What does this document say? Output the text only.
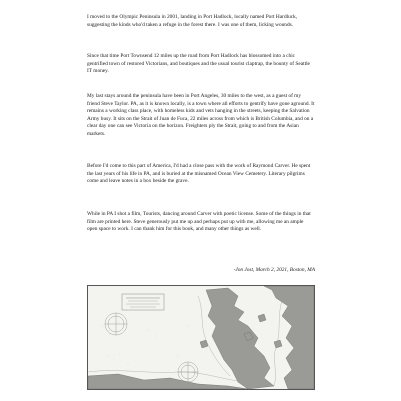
I moved to the Olympic Peninsula in 2001, landing in Port Hadlock, locally named Port Hardluck, suggesting the kinds who'd taken a refuge in the forest there. I was one of them, licking wounds.

Since that time Port Townsend 12 miles up the road from Port Hadlock has blossomed into a chic gentrified town of restored Victorians, and boutiques and the usual tourist claptrap, the bounty of Seattle IT money.

My last stays around the peninsula have been in Port Angeles, 30 miles to the west, as a guest of my friend Steve Taylor. PA, as it is known locally, is a town where all efforts to gentrify have gone aground. It remains a working class place, with homeless kids and vets hanging in the streets, keeping the Salvation Army busy. It sits on the Strait of Juan de Fuca, 22 miles across from which is British Columbia, and on a clear day one can see Victoria on the horizon. Freighters ply the Strait, going to and from the Asian markets.

Before I'd come to this part of America, I'd had a close pass with the work of Raymond Carver. He spent the last years of his life in PA, and is buried at the misnamed Ocean View Cemetery. Literary pilgrims come and leave notes in a box beside the grave.

While in PA I shot a film, Tourists, dancing around Carver with poetic license. Some of the things in that film are printed here. Steve generously put me up and perhaps put up with me, allowing me an ample open space to work. I can thank him for this book, and many other things as well.

-Jon Jost, March 2, 2021, Boston, MA
